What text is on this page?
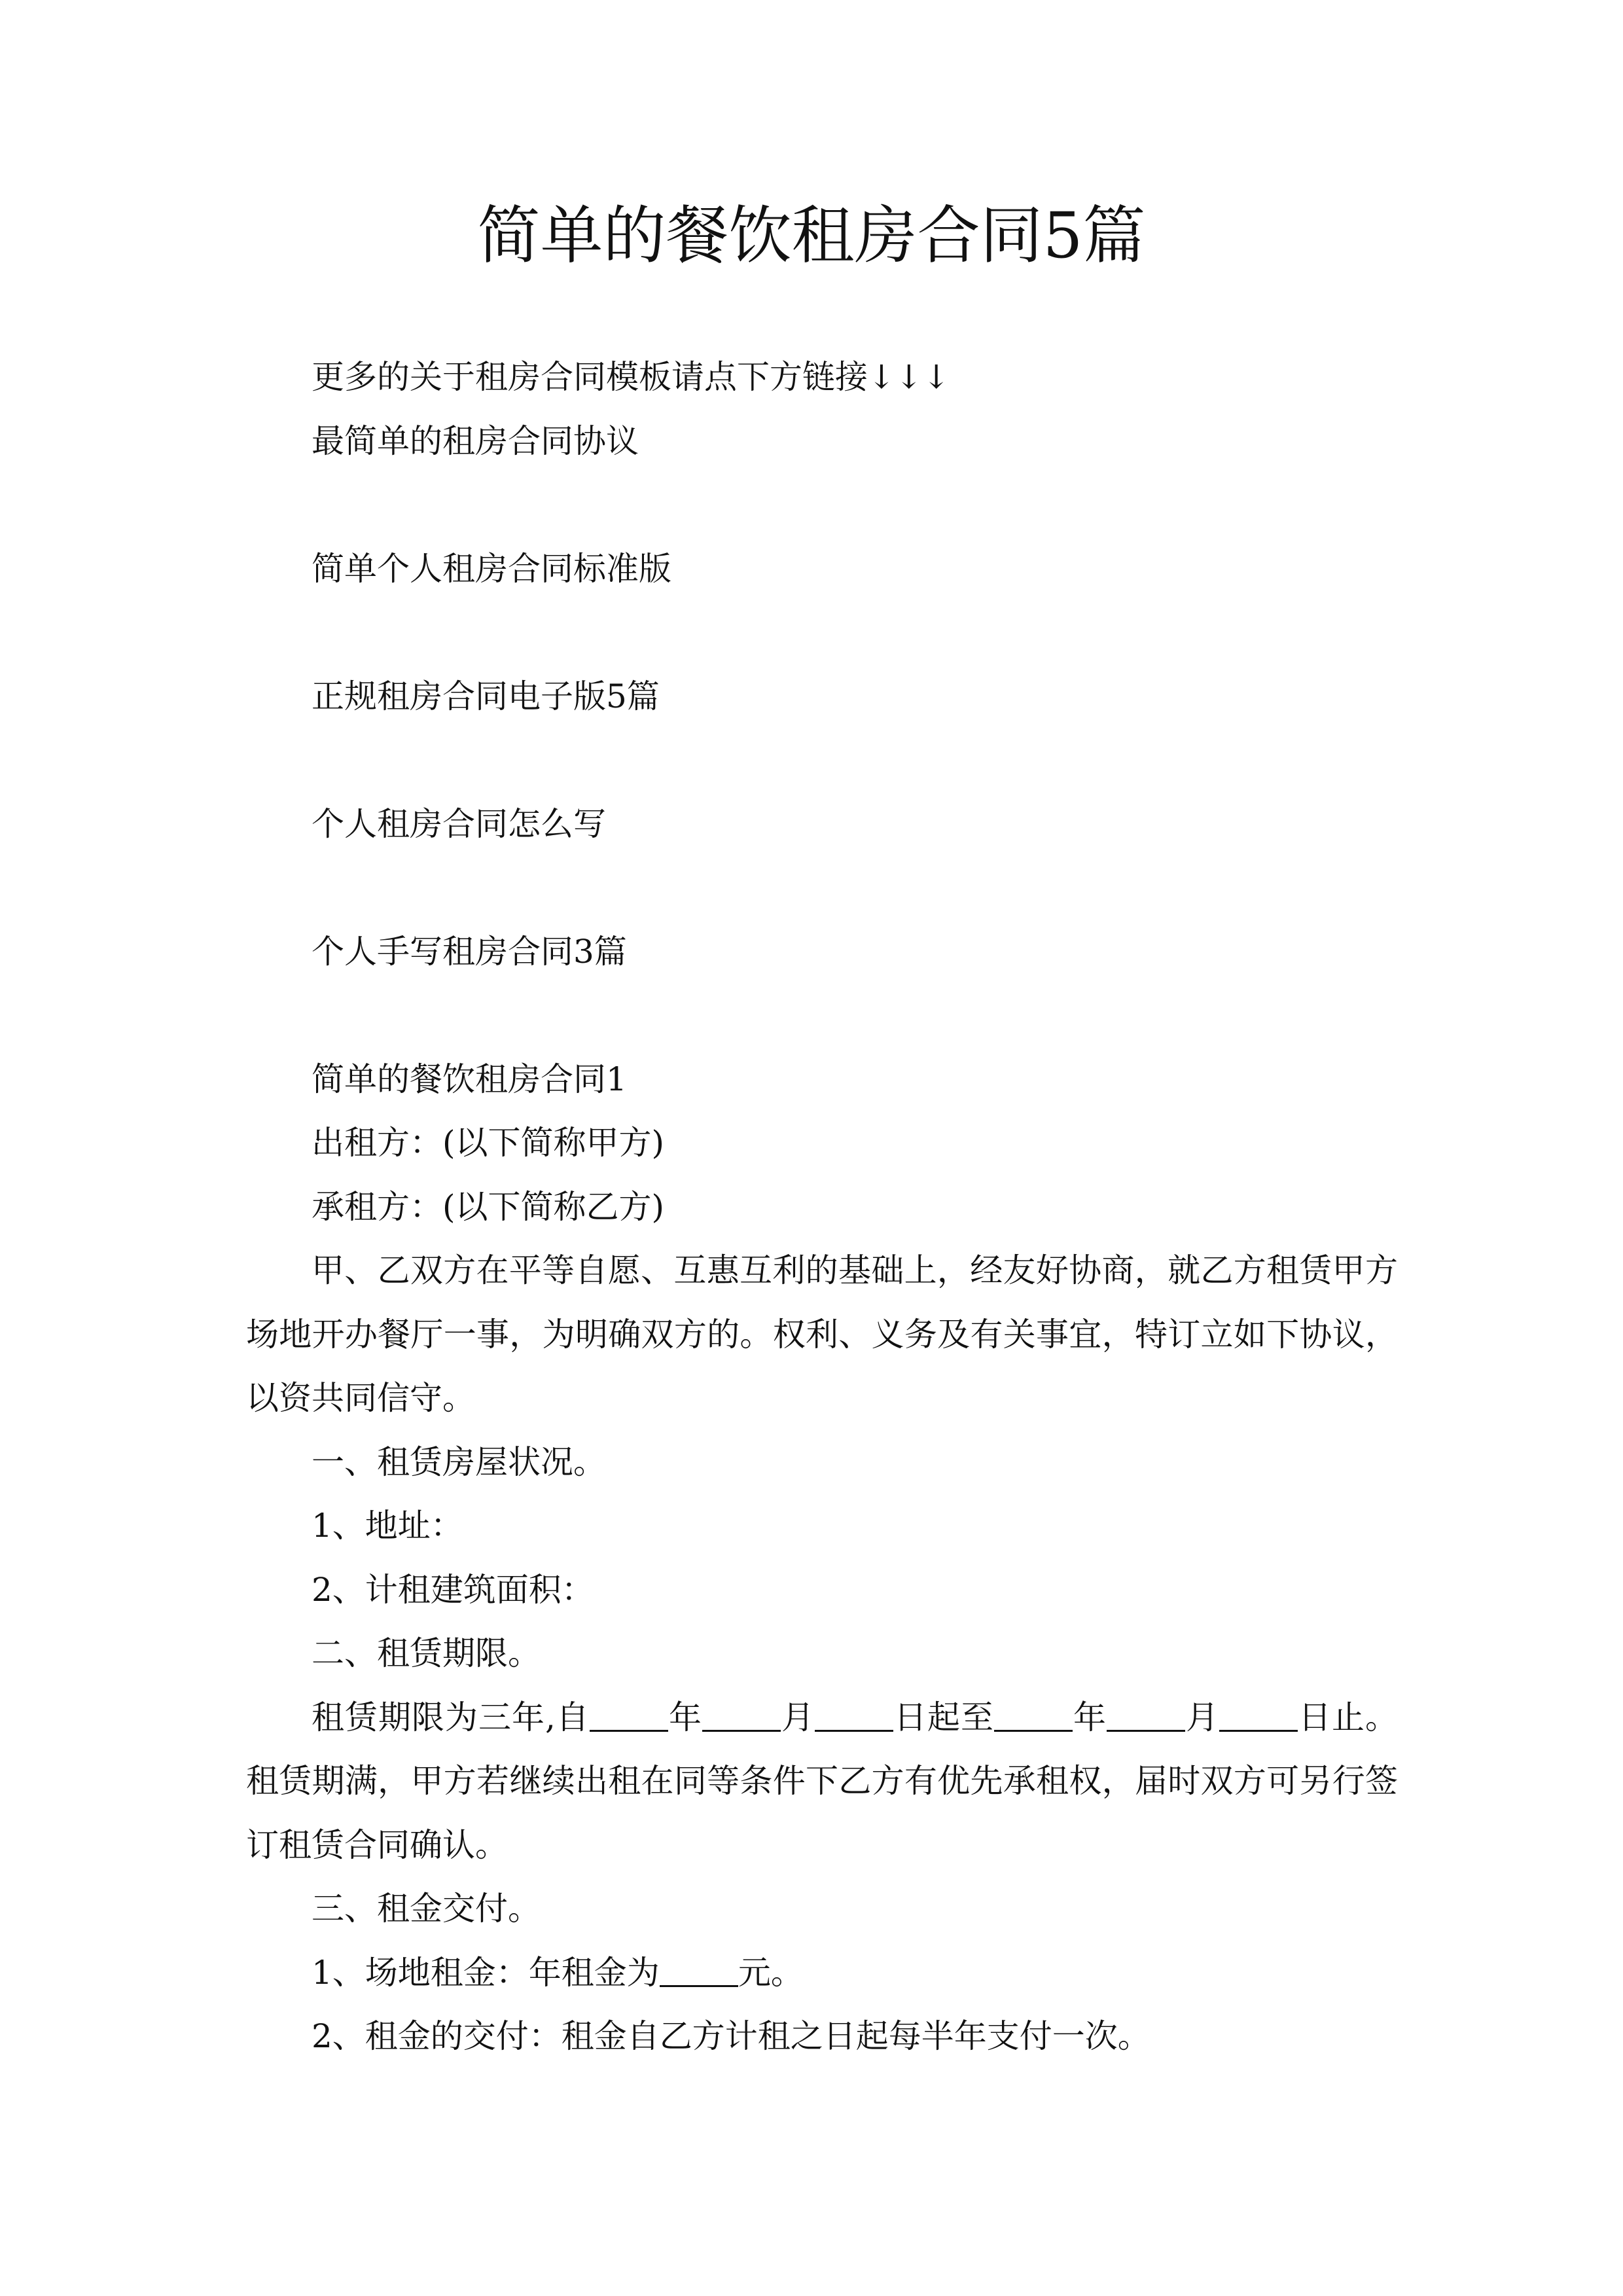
简单的餐饮租房合同5篇
更多的关于租房合同模板请点下方链接↓↓↓
最简单的租房合同协议
简单个人租房合同标准版
正规租房合同电子版5篇
个人租房合同怎么写
个人手写租房合同3篇
简单的餐饮租房合同1
出租方：(以下简称甲方)
承租方：(以下简称乙方)
甲、乙双方在平等自愿、互惠互利的基础上，经友好协商，就乙方租赁甲方
场地开办餐厅一事，为明确双方的。权利、义务及有关事宜，特订立如下协议，
以资共同信守。
一、租赁房屋状况。
1、地址：
2、计租建筑面积：
二、租赁期限。
租赁期限为三年,自 年 月 日起至 年 月 日止。
租赁期满，甲方若继续出租在同等条件下乙方有优先承租权，届时双方可另行签
订租赁合同确认。
三、租金交付。
1、场地租金：年租金为 元。
2、租金的交付：租金自乙方计租之日起每半年支付一次。
